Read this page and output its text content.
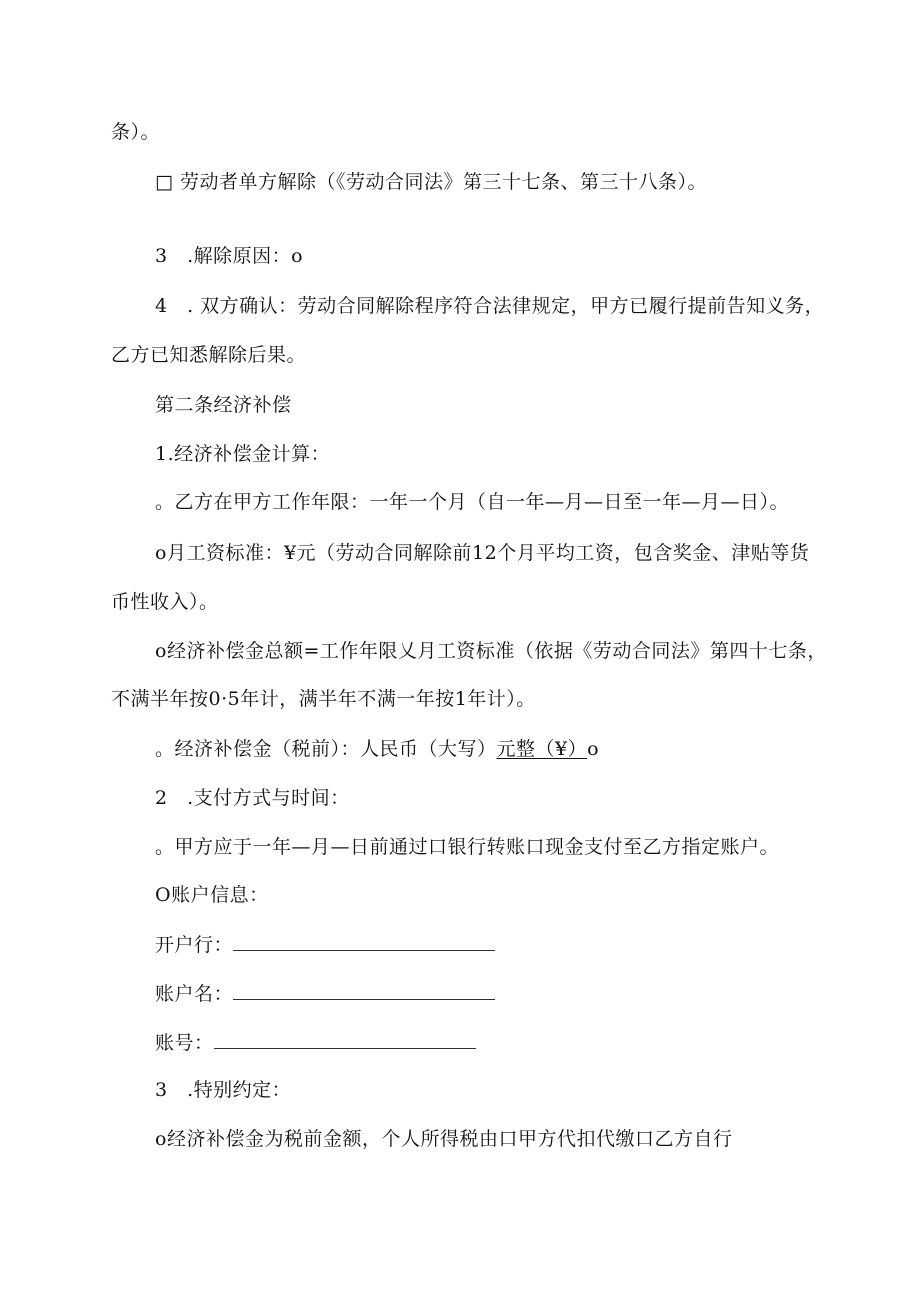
条）。
□ 劳动者单方解除（《劳动合同法》第三十七条、第三十八条）。
3　.解除原因：o
4　. 双方确认：劳动合同解除程序符合法律规定，甲方已履行提前告知义务，
乙方已知悉解除后果。
第二条经济补偿
1.经济补偿金计算：
。乙方在甲方工作年限：一年一个月（自一年—月—日至一年—月—日）。
o月工资标准：¥元（劳动合同解除前12个月平均工资，包含奖金、津贴等货
币性收入）。
o经济补偿金总额=工作年限乂月工资标准（依据《劳动合同法》第四十七条，
不满半年按0·5年计，满半年不满一年按1年计）。
。经济补偿金（税前）：人民币（大写）元整（¥）o
2　.支付方式与时间：
。甲方应于一年—月—日前通过口银行转账口现金支付至乙方指定账户。
O账户信息：
开户行：
账户名：
账号：
3　.特别约定：
o经济补偿金为税前金额，个人所得税由口甲方代扣代缴口乙方自行
